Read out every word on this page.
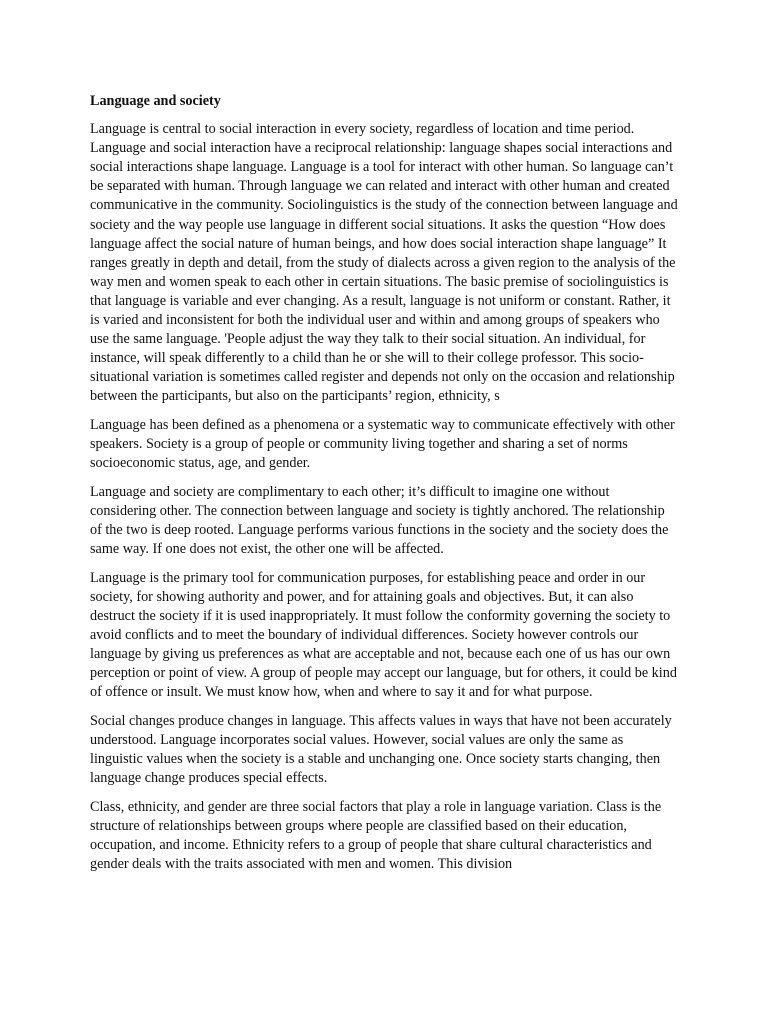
Language and society

Language is central to social interaction in every society, regardless of location and time period. Language and social interaction have a reciprocal relationship: language shapes social interactions and social interactions shape language. Language is a tool for interact with other human. So language can’t be separated with human. Through language we can related and interact with other human and created communicative in the community. Sociolinguistics is the study of the connection between language and society and the way people use language in different social situations. It asks the question “How does language affect the social nature of human beings, and how does social interaction shape language” It ranges greatly in depth and detail, from the study of dialects across a given region to the analysis of the way men and women speak to each other in certain situations. The basic premise of sociolinguistics is that language is variable and ever changing. As a result, language is not uniform or constant. Rather, it is varied and inconsistent for both the individual user and within and among groups of speakers who use the same language. 'People adjust the way they talk to their social situation. An individual, for instance, will speak differently to a child than he or she will to their college professor. This socio-situational variation is sometimes called register and depends not only on the occasion and relationship between the participants, but also on the participants’ region, ethnicity, s

Language has been defined as a phenomena or a systematic way to communicate effectively with other speakers. Society is a group of people or community living together and sharing a set of norms socioeconomic status, age, and gender.

Language and society are complimentary to each other; it’s difficult to imagine one without considering other. The connection between language and society is tightly anchored. The relationship of the two is deep rooted. Language performs various functions in the society and the society does the same way. If one does not exist, the other one will be affected.

Language is the primary tool for communication purposes, for establishing peace and order in our society, for showing authority and power, and for attaining goals and objectives. But, it can also destruct the society if it is used inappropriately. It must follow the conformity governing the society to avoid conflicts and to meet the boundary of individual differences. Society however controls our language by giving us preferences as what are acceptable and not, because each one of us has our own perception or point of view. A group of people may accept our language, but for others, it could be kind of offence or insult. We must know how, when and where to say it and for what purpose.

Social changes produce changes in language. This affects values in ways that have not been accurately understood. Language incorporates social values. However, social values are only the same as linguistic values when the society is a stable and unchanging one. Once society starts changing, then language change produces special effects.

Class, ethnicity, and gender are three social factors that play a role in language variation. Class is the structure of relationships between groups where people are classified based on their education, occupation, and income. Ethnicity refers to a group of people that share cultural characteristics and gender deals with the traits associated with men and women. This division
